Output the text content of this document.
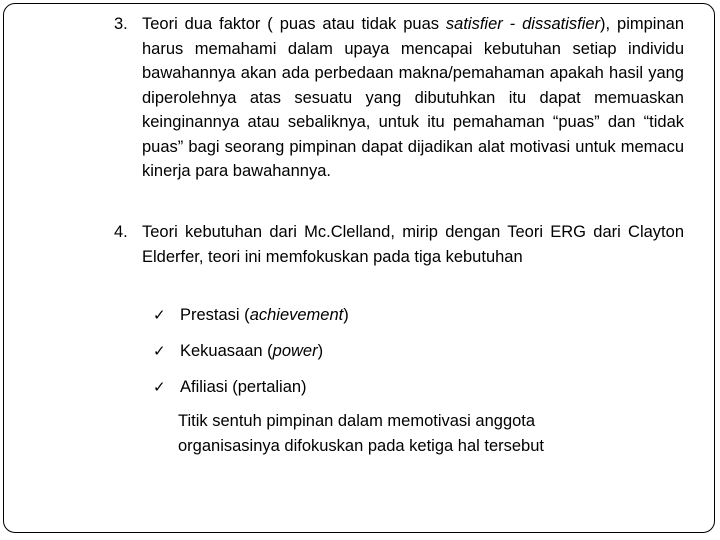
3. Teori dua faktor ( puas atau tidak puas satisfier - dissatisfier), pimpinan harus memahami dalam upaya mencapai kebutuhan setiap individu bawahannya akan ada perbedaan makna/pemahaman apakah hasil yang diperolehnya atas sesuatu yang dibutuhkan itu dapat memuaskan keinginannya atau sebaliknya, untuk itu pemahaman “puas” dan “tidak puas” bagi seorang pimpinan dapat dijadikan alat motivasi untuk memacu kinerja para bawahannya.
4. Teori kebutuhan dari Mc.Clelland, mirip dengan Teori ERG dari Clayton Elderfer, teori ini memfokuskan pada tiga kebutuhan
✓ Prestasi (achievement)
✓ Kekuasaan (power)
✓ Afiliasi (pertalian)
Titik sentuh pimpinan dalam memotivasi anggota
organisasinya difokuskan pada ketiga hal tersebut
